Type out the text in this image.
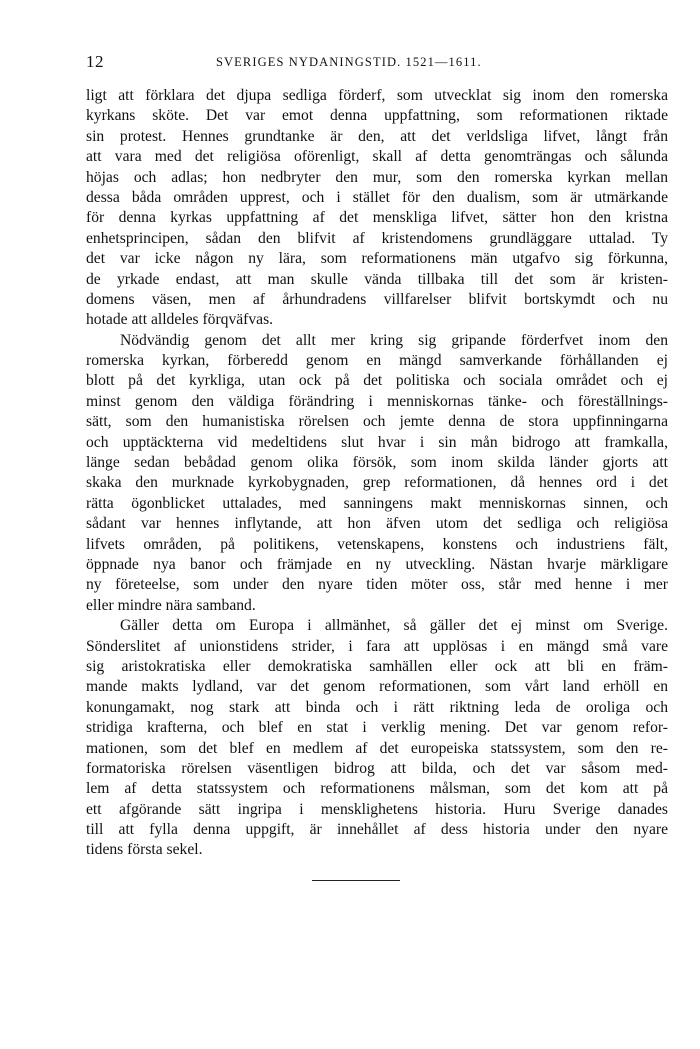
12	SVERIGES NYDANINGSTID. 1521—1611.
ligt att förklara det djupa sedliga förderf, som utvecklat sig inom den romerska
kyrkans sköte. Det var emot denna uppfattning, som reformationen riktade
sin protest. Hennes grundtanke är den, att det verldsliga lifvet, långt från
att vara med det religiösa oförenligt, skall af detta genomträngas och sålunda
höjas och adlas; hon nedbryter den mur, som den romerska kyrkan mellan
dessa båda områden upprest, och i stället för den dualism, som är utmärkande
för denna kyrkas uppfattning af det menskliga lifvet, sätter hon den kristna
enhetsprincipen, sådan den blifvit af kristendomens grundläggare uttalad. Ty
det var icke någon ny lära, som reformationens män utgafvo sig förkunna,
de yrkade endast, att man skulle vända tillbaka till det som är kristen-
domens väsen, men af århundradens villfarelser blifvit bortskymdt och nu
hotade att alldeles förqväfvas.
Nödvändig genom det allt mer kring sig gripande förderfvet inom den
romerska kyrkan, förberedd genom en mängd samverkande förhållanden ej
blott på det kyrkliga, utan ock på det politiska och sociala området och ej
minst genom den väldiga förändring i menniskornas tänke- och föreställnings-
sätt, som den humanistiska rörelsen och jemte denna de stora uppfinningarna
och upptäckterna vid medeltidens slut hvar i sin mån bidrogo att framkalla,
länge sedan bebådad genom olika försök, som inom skilda länder gjorts att
skaka den murknade kyrkobygnaden, grep reformationen, då hennes ord i det
rätta ögonblicket uttalades, med sanningens makt menniskornas sinnen, och
sådant var hennes inflytande, att hon äfven utom det sedliga och religiösa
lifvets områden, på politikens, vetenskapens, konstens och industriens fält,
öppnade nya banor och främjade en ny utveckling. Nästan hvarje märkligare
ny företeelse, som under den nyare tiden möter oss, står med henne i mer
eller mindre nära samband.
Gäller detta om Europa i allmänhet, så gäller det ej minst om Sverige.
Sönderslitet af unionstidens strider, i fara att upplösas i en mängd små vare
sig aristokratiska eller demokratiska samhällen eller ock att bli en främ-
mande makts lydland, var det genom reformationen, som vårt land erhöll en
konungamakt, nog stark att binda och i rätt riktning leda de oroliga och
stridiga krafterna, och blef en stat i verklig mening. Det var genom refor-
mationen, som det blef en medlem af det europeiska statssystem, som den re-
formatoriska rörelsen väsentligen bidrog att bilda, och det var såsom med-
lem af detta statssystem och reformationens målsman, som det kom att på
ett afgörande sätt ingripa i mensklighetens historia. Huru Sverige danades
till att fylla denna uppgift, är innehållet af dess historia under den nyare
tidens första sekel.
